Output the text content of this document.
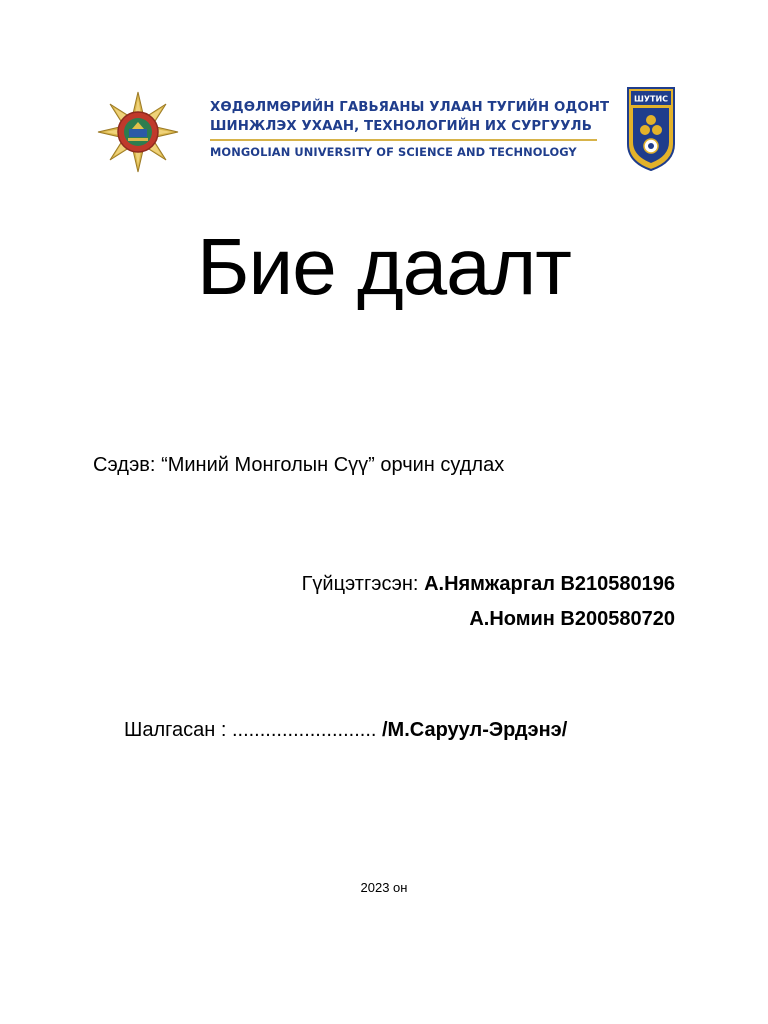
ХӨДӨЛМӨРИЙН ГАВЬЯАНЫ УЛААН ТУГИЙН ОДОНТ
ШИНЖЛЭХ УХААН, ТЕХНОЛОГИЙН ИХ СУРГУУЛЬ
MONGOLIAN UNIVERSITY OF SCIENCE AND TECHNOLOGY
ШУТИС
Бие даалт
Сэдэв: “Миний Монголын Сүү” орчин судлах
Гүйцэтгэсэн: А.Нямжаргал В210580196
А.Номин В200580720
Шалгасан : .......................... /М.Саруул-Эрдэнэ/
2023 он
